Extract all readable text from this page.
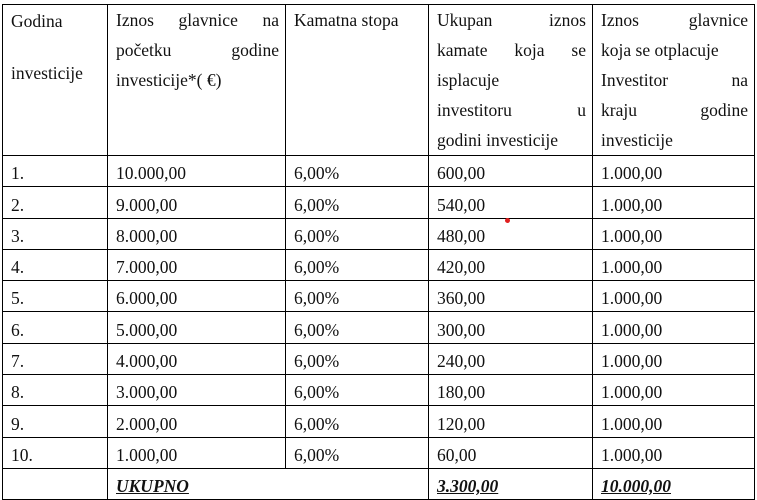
Godina
investicije	Iznos glavnice na
početku godine
investicije*( €)	Kamatna stopa	Ukupan iznos
kamate koja se
isplacuje
investitoru u
godini investicije	Iznos glavnice
koja se otplacuje
Investitor na
kraju godine
investicije

1.	10.000,00	6,00%	600,00	1.000,00
2.	9.000,00	6,00%	540,00	1.000,00
3.	8.000,00	6,00%	480,00	1.000,00
4.	7.000,00	6,00%	420,00	1.000,00
5.	6.000,00	6,00%	360,00	1.000,00
6.	5.000,00	6,00%	300,00	1.000,00
7.	4.000,00	6,00%	240,00	1.000,00
8.	3.000,00	6,00%	180,00	1.000,00
9.	2.000,00	6,00%	120,00	1.000,00
10.	1.000,00	6,00%	60,00	1.000,00
	UKUPNO		3.300,00	10.000,00
